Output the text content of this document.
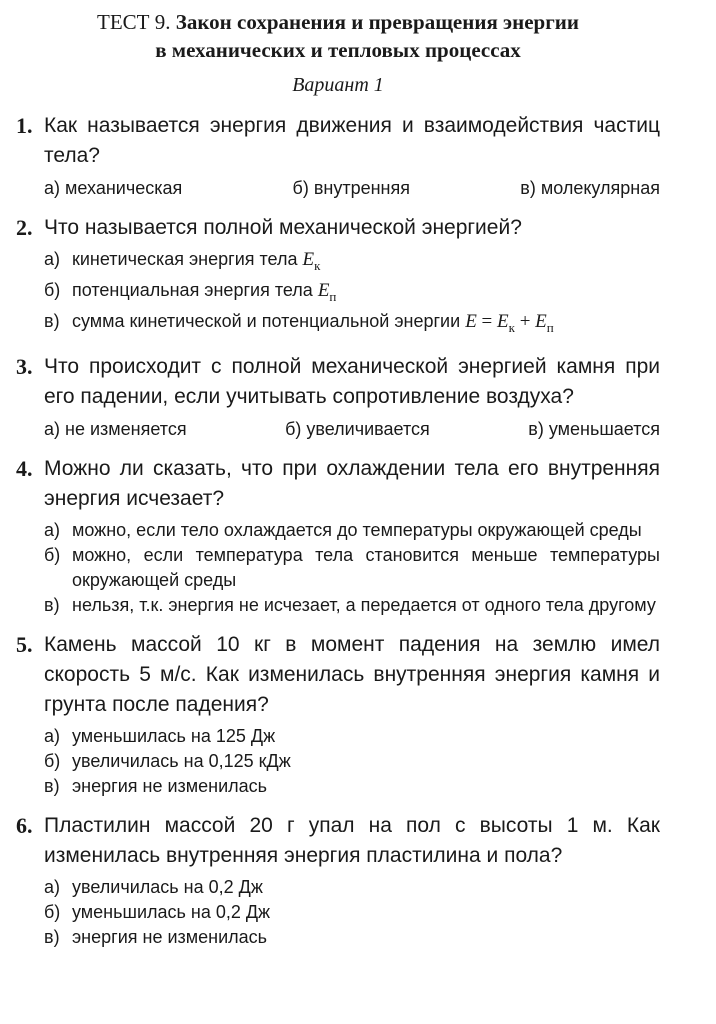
ТЕСТ 9. Закон сохранения и превращения энергии
в механических и тепловых процессах
Вариант 1
1. Как называется энергия движения и взаимодействия частиц тела?
а) механическая	б) внутренняя	в) молекулярная
2. Что называется полной механической энергией?
а) кинетическая энергия тела $E_к$
б) потенциальная энергия тела $E_п$
в) сумма кинетической и потенциальной энергии $E = E_к + E_п$
3. Что происходит с полной механической энергией камня при его падении, если учитывать сопротивление воздуха?
а) не изменяется	б) увеличивается	в) уменьшается
4. Можно ли сказать, что при охлаждении тела его внутренняя энергия исчезает?
а) можно, если тело охлаждается до температуры окружающей среды
б) можно, если температура тела становится меньше температуры окружающей среды
в) нельзя, т.к. энергия не исчезает, а передается от одного тела другому
5. Камень массой 10 кг в момент падения на землю имел скорость 5 м/с. Как изменилась внутренняя энергия камня и грунта после падения?
а) уменьшилась на 125 Дж
б) увеличилась на 0,125 кДж
в) энергия не изменилась
6. Пластилин массой 20 г упал на пол с высоты 1 м. Как изменилась внутренняя энергия пластилина и пола?
а) увеличилась на 0,2 Дж
б) уменьшилась на 0,2 Дж
в) энергия не изменилась
